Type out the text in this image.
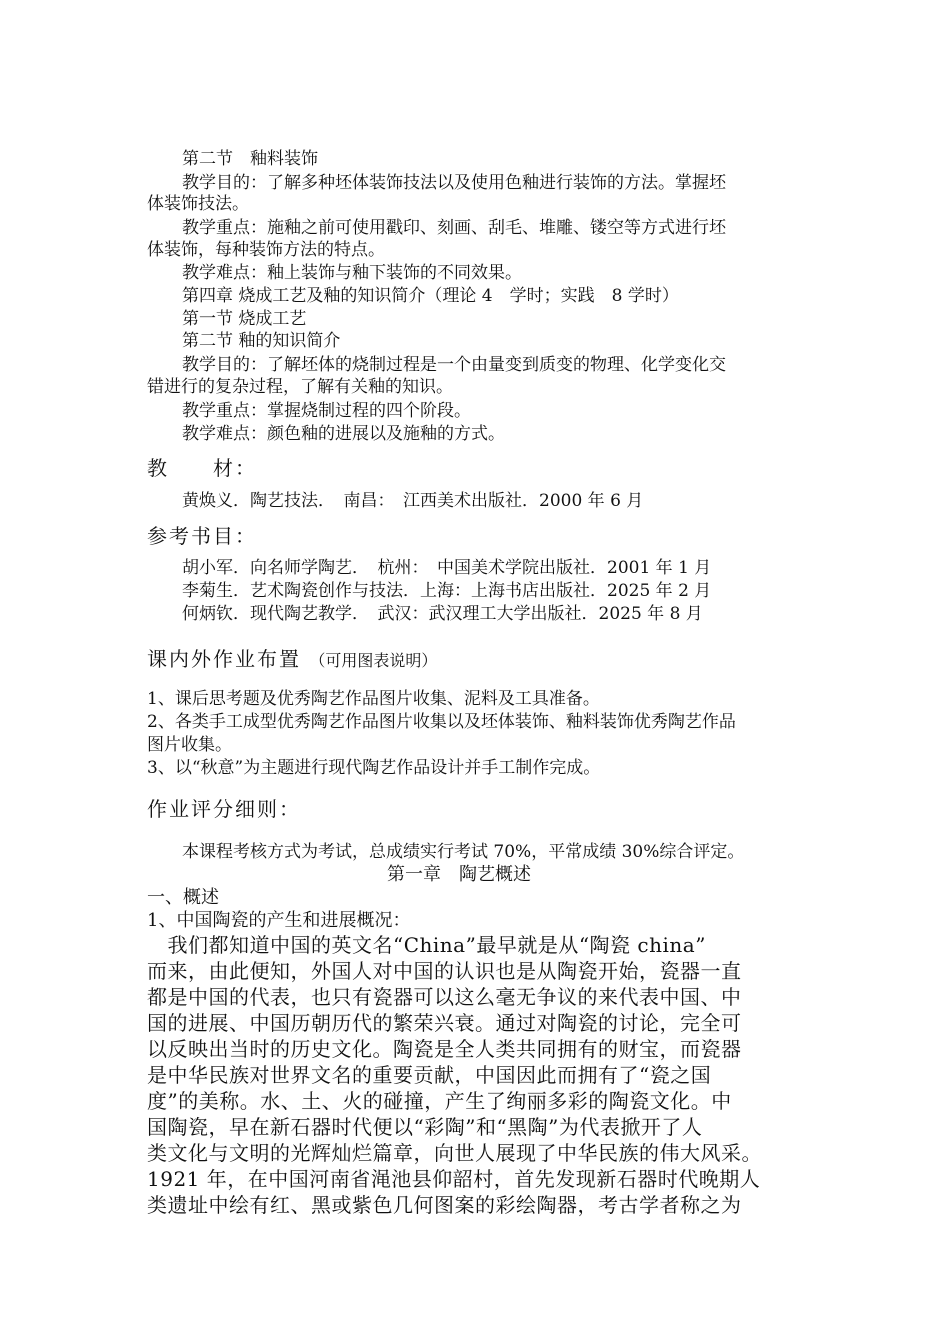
第二节　釉料装饰
教学目的：了解多种坯体装饰技法以及使用色釉进行装饰的方法。掌握坯
体装饰技法。
教学重点：施釉之前可使用戳印、刻画、刮毛、堆雕、镂空等方式进行坯
体装饰，每种装饰方法的特点。
教学难点：釉上装饰与釉下装饰的不同效果。
第四章 烧成工艺及釉的知识简介（理论 4　学时；实践　8 学时）
第一节 烧成工艺
第二节 釉的知识简介
教学目的：了解坯体的烧制过程是一个由量变到质变的物理、化学变化交
错进行的复杂过程，了解有关釉的知识。
教学重点：掌握烧制过程的四个阶段。
教学难点：颜色釉的进展以及施釉的方式。
教　　材：
黄焕义．陶艺技法．　南昌：　江西美术出版社．2000 年 6 月
参考书目：
胡小军．向名师学陶艺．　杭州：　中国美术学院出版社．2001 年 1 月
李菊生．艺术陶瓷创作与技法．上海：上海书店出版社．2025 年 2 月
何炳钦．现代陶艺教学．　武汉：武汉理工大学出版社．2025 年 8 月
课内外作业布置 （可用图表说明）
1、课后思考题及优秀陶艺作品图片收集、泥料及工具准备。
2、各类手工成型优秀陶艺作品图片收集以及坯体装饰、釉料装饰优秀陶艺作品
图片收集。
3、以“秋意”为主题进行现代陶艺作品设计并手工制作完成。
作业评分细则：
本课程考核方式为考试，总成绩实行考试 70%，平常成绩 30%综合评定。
第一章　陶艺概述
一、概述
1、中国陶瓷的产生和进展概况：
　我们都知道中国的英文名“China”最早就是从“陶瓷 china”
而来，由此便知，外国人对中国的认识也是从陶瓷开始，瓷器一直
都是中国的代表，也只有瓷器可以这么毫无争议的来代表中国、中
国的进展、中国历朝历代的繁荣兴衰。通过对陶瓷的讨论，完全可
以反映出当时的历史文化。陶瓷是全人类共同拥有的财宝，而瓷器
是中华民族对世界文名的重要贡献，中国因此而拥有了“瓷之国
度”的美称。水、土、火的碰撞，产生了绚丽多彩的陶瓷文化。中
国陶瓷，早在新石器时代便以“彩陶”和“黑陶”为代表掀开了人
类文化与文明的光辉灿烂篇章，向世人展现了中华民族的伟大风采。
1921 年，在中国河南省渑池县仰韶村，首先发现新石器时代晚期人
类遗址中绘有红、黑或紫色几何图案的彩绘陶器，考古学者称之为
